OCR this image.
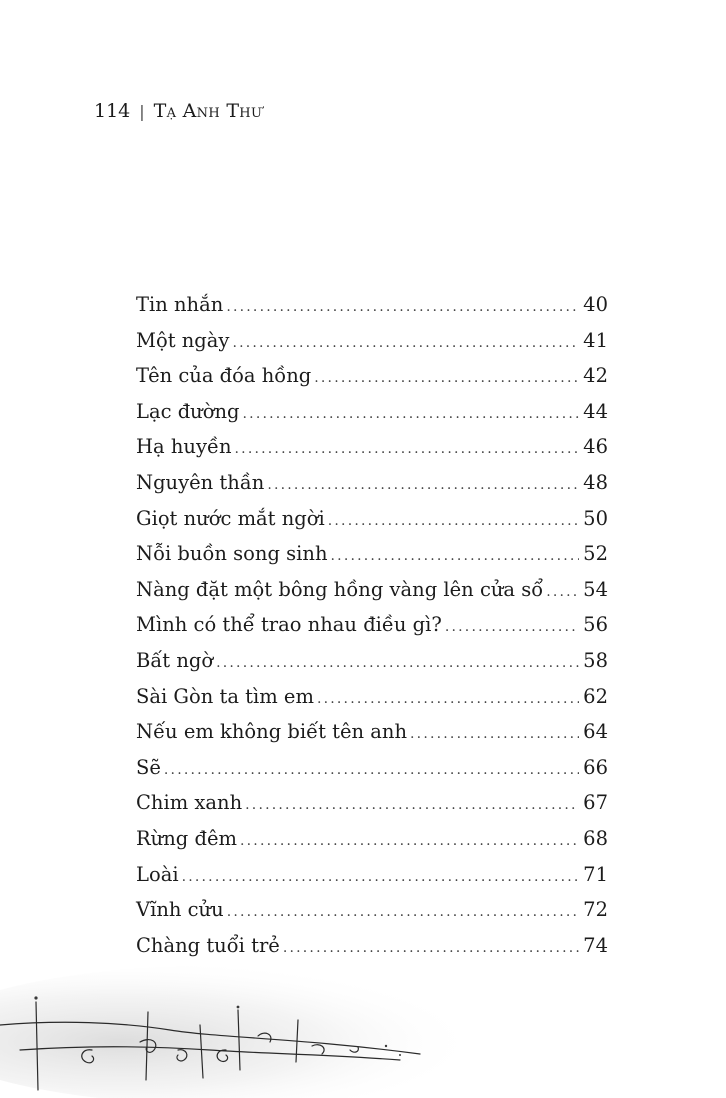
114 | Tạ Anh Thư
Tin nhắn .....	40
Một ngày .....	41
Tên của đóa hồng .....	42
Lạc đường .....	44
Hạ huyền .....	46
Nguyên thần .....	48
Giọt nước mắt ngời .....	50
Nỗi buồn song sinh .....	52
Nàng đặt một bông hồng vàng lên cửa sổ ..... 54
Mình có thể trao nhau điều gì? .....	56
Bất ngờ .....	58
Sài Gòn ta tìm em .....	62
Nếu em không biết tên anh .....	64
Sẽ .....	66
Chim xanh .....	67
Rừng đêm .....	68
Loài .....	71
Vĩnh cửu .....	72
Chàng tuổi trẻ .....	74
